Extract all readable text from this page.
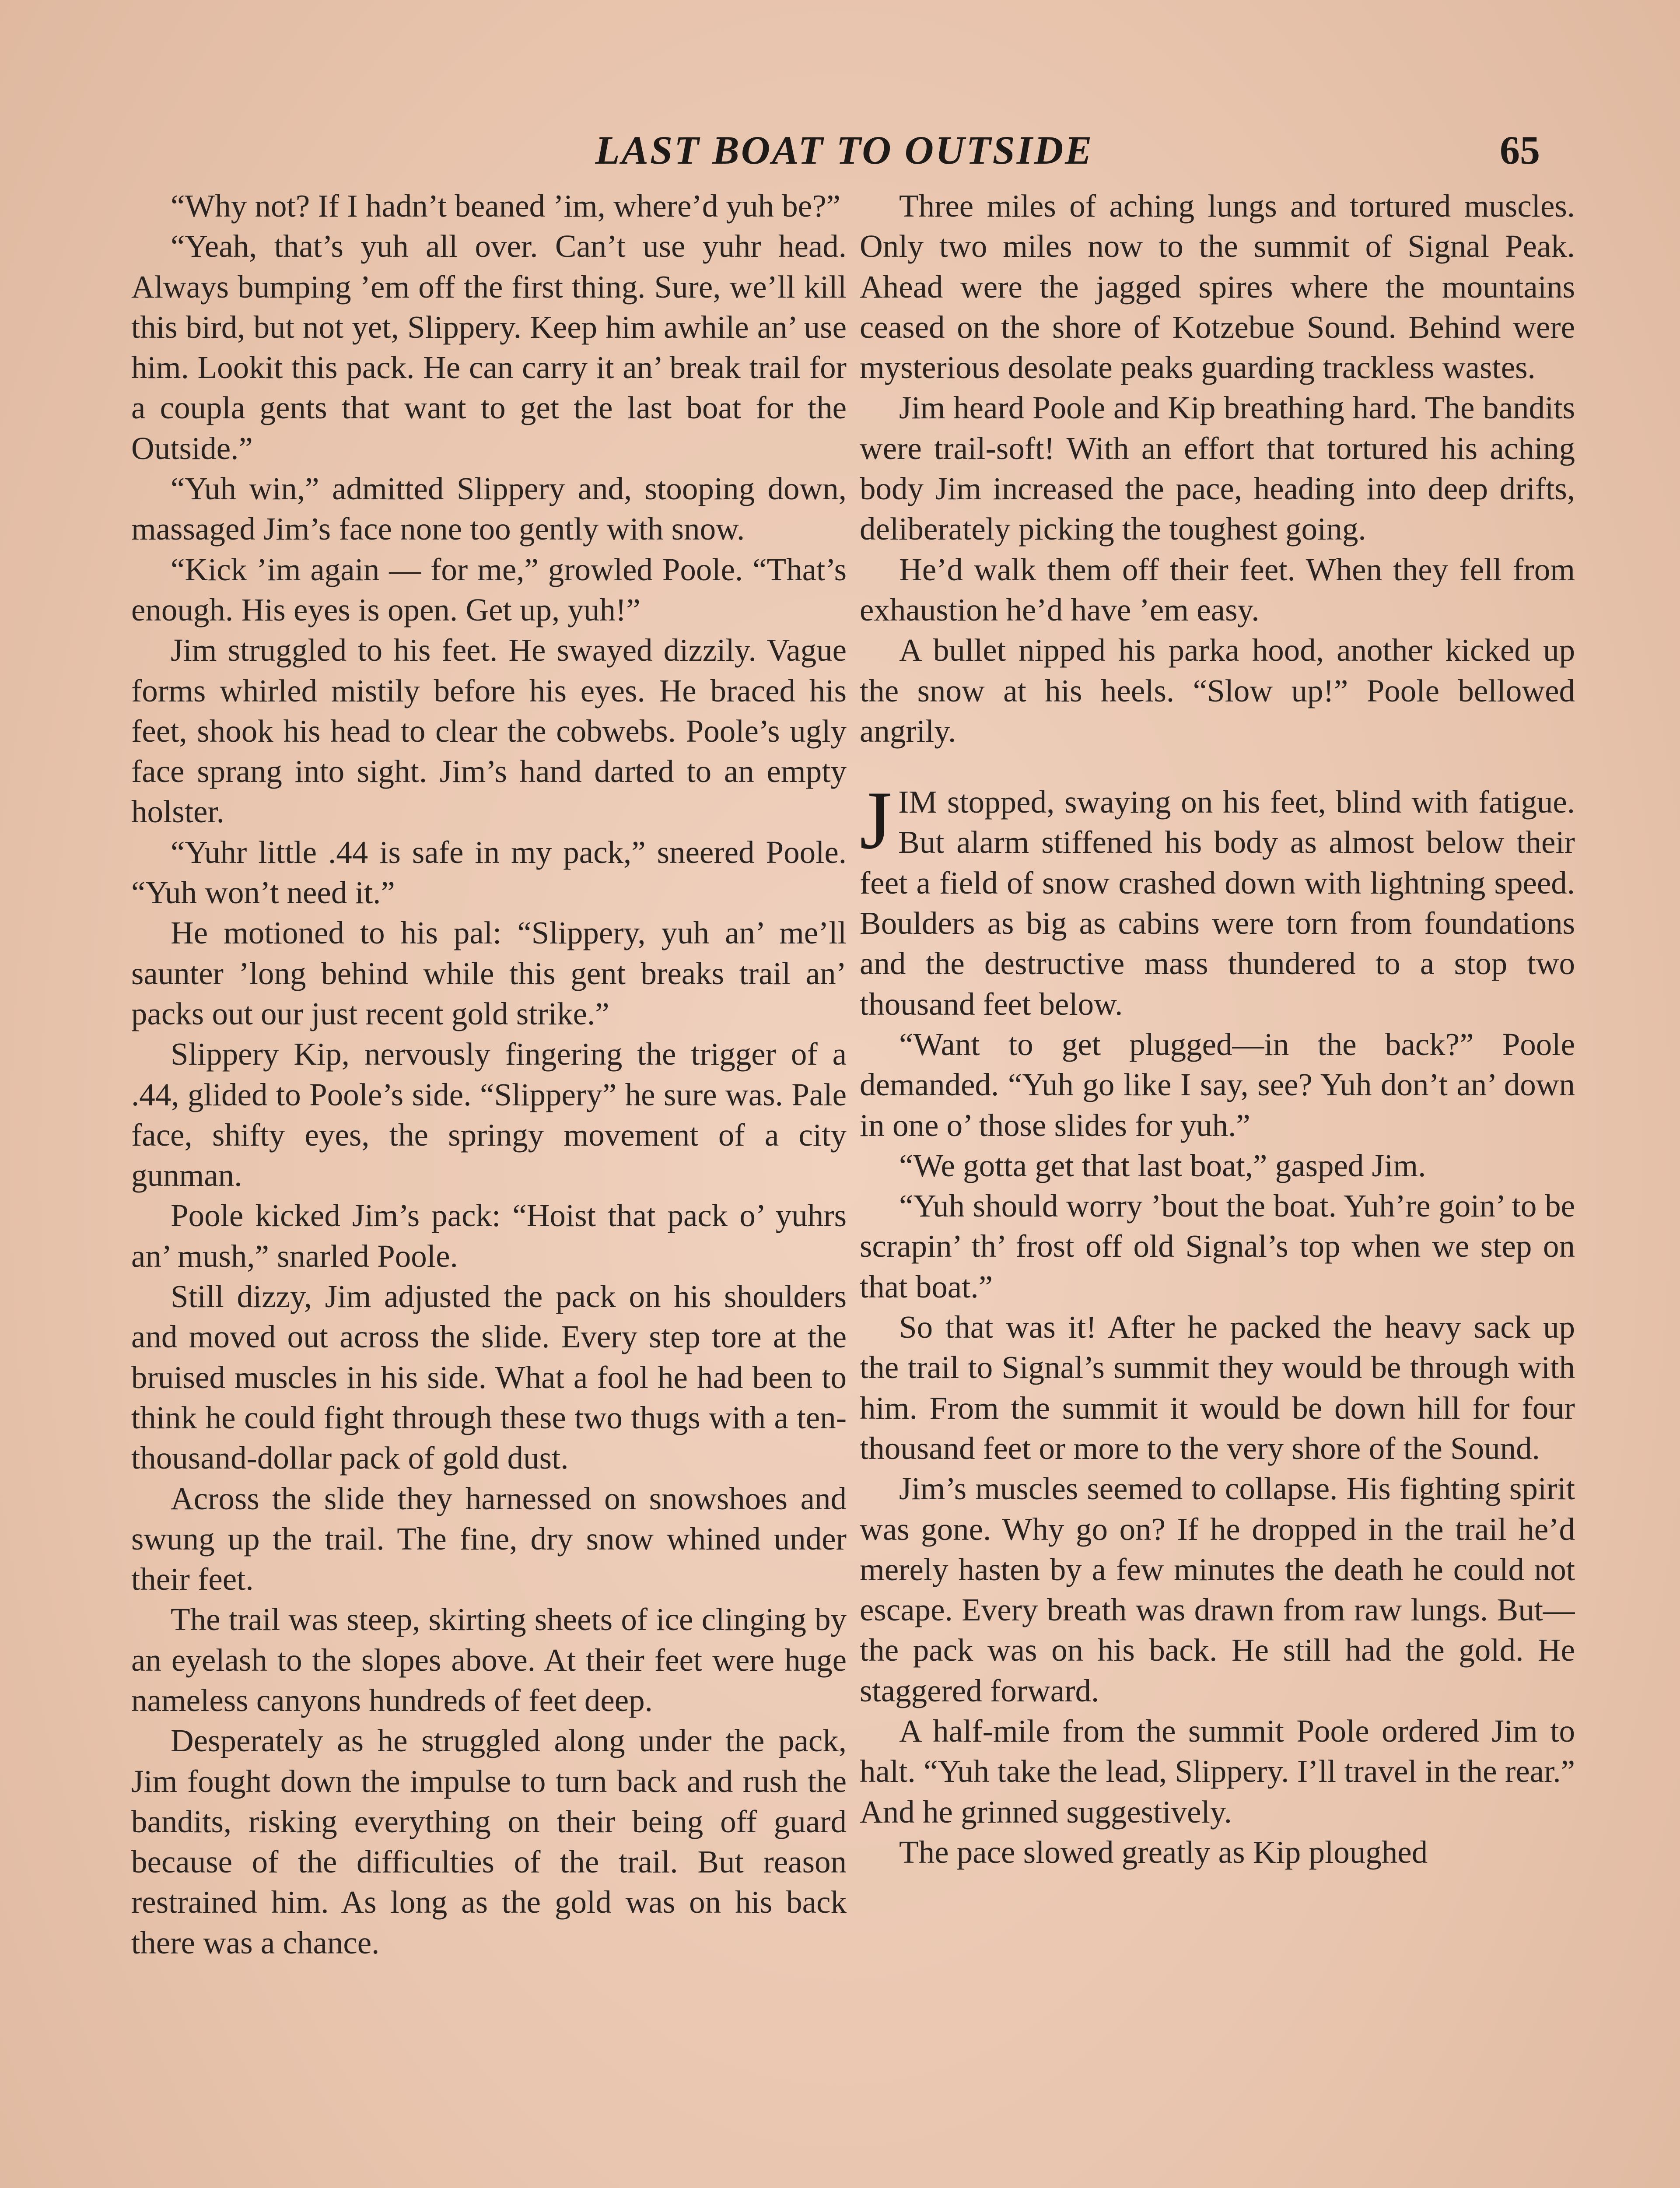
LAST BOAT TO OUTSIDE	65

“Why not? If I hadn’t beaned ’im, where’d yuh be?”

“Yeah, that’s yuh all over. Can’t use yuhr head. Always bumping ’em off the first thing. Sure, we’ll kill this bird, but not yet, Slippery. Keep him awhile an’ use him. Lookit this pack. He can carry it an’ break trail for a coupla gents that want to get the last boat for the Outside.”

“Yuh win,” admitted Slippery and, stooping down, massaged Jim’s face none too gently with snow.

“Kick ’im again — for me,” growled Poole. “That’s enough. His eyes is open. Get up, yuh!”

Jim struggled to his feet. He swayed dizzily. Vague forms whirled mistily before his eyes. He braced his feet, shook his head to clear the cobwebs. Poole’s ugly face sprang into sight. Jim’s hand darted to an empty holster.

“Yuhr little .44 is safe in my pack,” sneered Poole. “Yuh won’t need it.”

He motioned to his pal: “Slippery, yuh an’ me’ll saunter ’long behind while this gent breaks trail an’ packs out our just recent gold strike.”

Slippery Kip, nervously fingering the trigger of a .44, glided to Poole’s side. “Slippery” he sure was. Pale face, shifty eyes, the springy movement of a city gunman.

Poole kicked Jim’s pack: “Hoist that pack o’ yuhrs an’ mush,” snarled Poole.

Still dizzy, Jim adjusted the pack on his shoulders and moved out across the slide. Every step tore at the bruised muscles in his side. What a fool he had been to think he could fight through these two thugs with a ten-thousand-dollar pack of gold dust.

Across the slide they harnessed on snowshoes and swung up the trail. The fine, dry snow whined under their feet.

The trail was steep, skirting sheets of ice clinging by an eyelash to the slopes above. At their feet were huge nameless canyons hundreds of feet deep.

Desperately as he struggled along under the pack, Jim fought down the impulse to turn back and rush the bandits, risking everything on their being off guard because of the difficulties of the trail. But reason restrained him. As long as the gold was on his back there was a chance.

Three miles of aching lungs and tortured muscles. Only two miles now to the summit of Signal Peak. Ahead were the jagged spires where the mountains ceased on the shore of Kotzebue Sound. Behind were mysterious desolate peaks guarding trackless wastes.

Jim heard Poole and Kip breathing hard. The bandits were trail-soft! With an effort that tortured his aching body Jim increased the pace, heading into deep drifts, deliberately picking the toughest going.

He’d walk them off their feet. When they fell from exhaustion he’d have ’em easy.

A bullet nipped his parka hood, another kicked up the snow at his heels. “Slow up!” Poole bellowed angrily.

JIM stopped, swaying on his feet, blind with fatigue. But alarm stiffened his body as almost below their feet a field of snow crashed down with lightning speed. Boulders as big as cabins were torn from foundations and the destructive mass thundered to a stop two thousand feet below.

“Want to get plugged—in the back?” Poole demanded. “Yuh go like I say, see? Yuh don’t an’ down in one o’ those slides for yuh.”

“We gotta get that last boat,” gasped Jim.

“Yuh should worry ’bout the boat. Yuh’re goin’ to be scrapin’ th’ frost off old Signal’s top when we step on that boat.”

So that was it! After he packed the heavy sack up the trail to Signal’s summit they would be through with him. From the summit it would be down hill for four thousand feet or more to the very shore of the Sound.

Jim’s muscles seemed to collapse. His fighting spirit was gone. Why go on? If he dropped in the trail he’d merely hasten by a few minutes the death he could not escape. Every breath was drawn from raw lungs. But—the pack was on his back. He still had the gold. He staggered forward.

A half-mile from the summit Poole ordered Jim to halt. “Yuh take the lead, Slippery. I’ll travel in the rear.” And he grinned suggestively.

The pace slowed greatly as Kip ploughed
